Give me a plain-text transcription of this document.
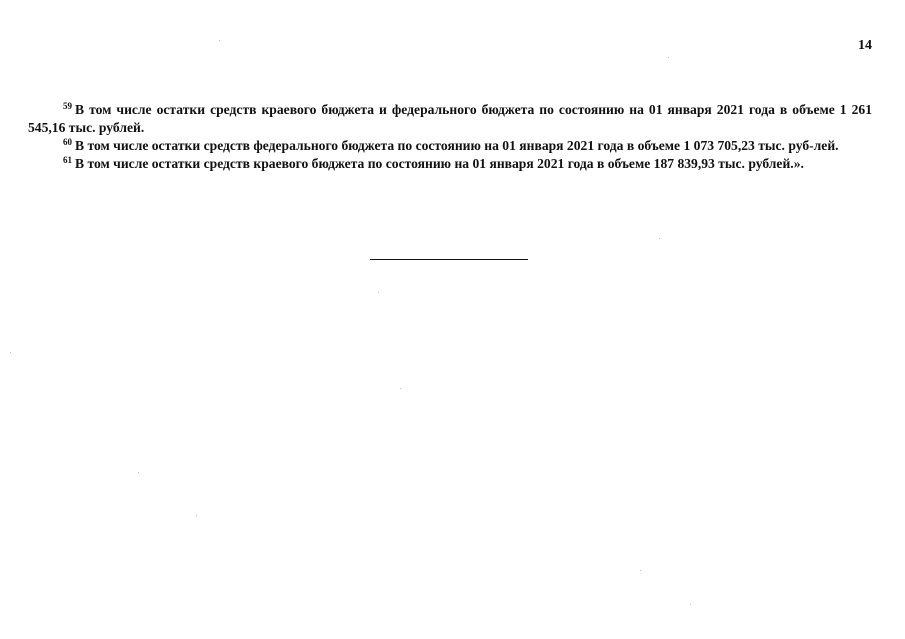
14

$^{59}$ В том числе остатки средств краевого бюджета и федерального бюджета по состоянию на 01 января 2021 года в объеме 1 261 545,16 тыс. рублей.

$^{60}$ В том числе остатки средств федерального бюджета по состоянию на 01 января 2021 года в объеме 1 073 705,23 тыс. руб-лей.

$^{61}$ В том числе остатки средств краевого бюджета по состоянию на 01 января 2021 года в объеме 187 839,93 тыс. рублей.».
